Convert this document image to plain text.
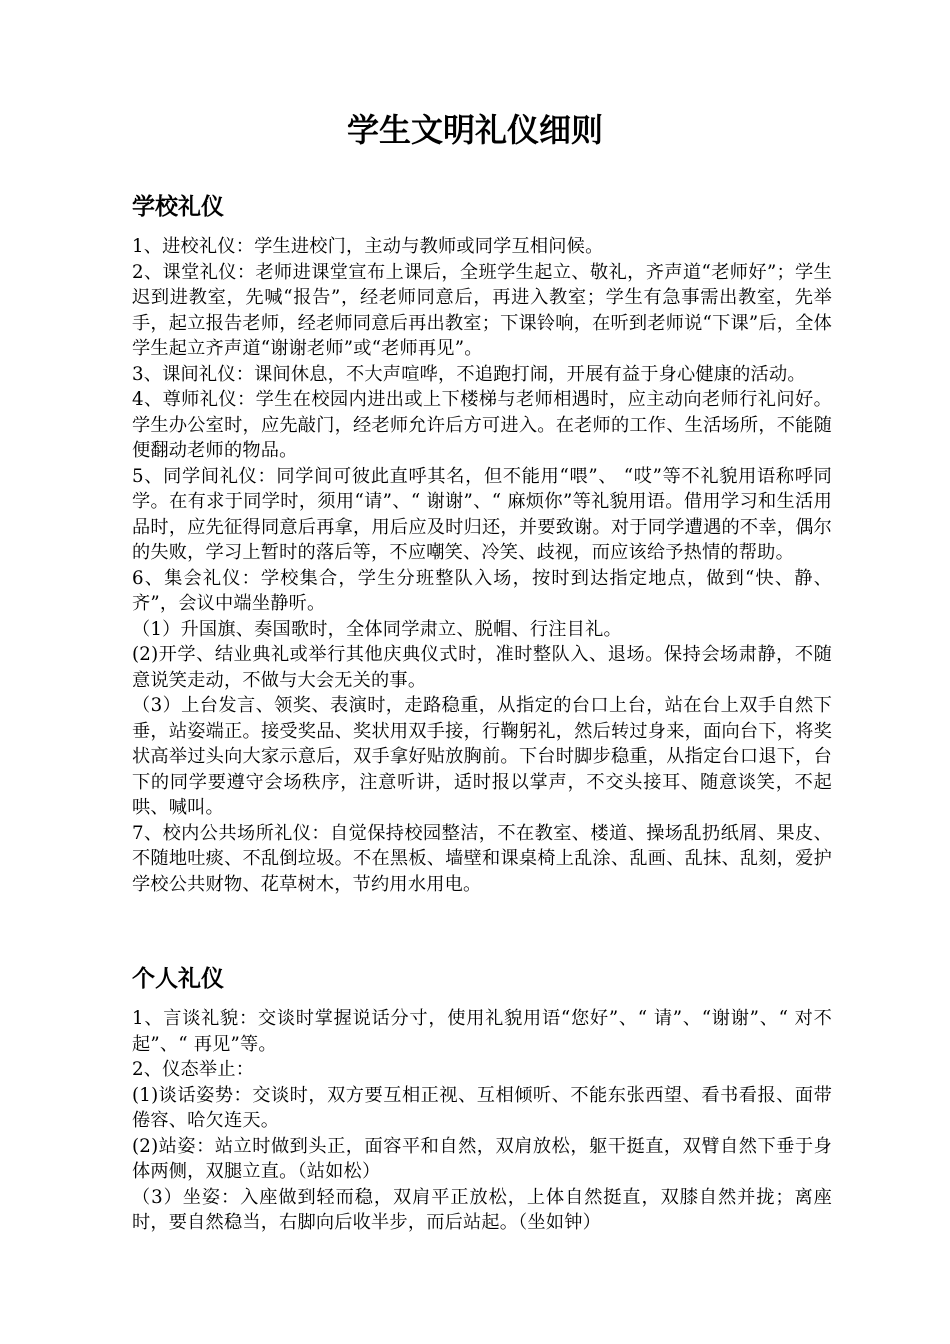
学生文明礼仪细则
学校礼仪

1、进校礼仪：学生进校门，主动与教师或同学互相问候。

2、课堂礼仪：老师进课堂宣布上课后，全班学生起立、敬礼，齐声道“老师好”；学生迟到进教室，先喊“报告”，经老师同意后，再进入教室；学生有急事需出教室，先举手，起立报告老师，经老师同意后再出教室；下课铃响，在听到老师说“下课”后，全体学生起立齐声道“谢谢老师”或“老师再见”。

3、课间礼仪：课间休息，不大声喧哗，不追跑打闹，开展有益于身心健康的活动。

4、尊师礼仪：学生在校园内进出或上下楼梯与老师相遇时，应主动向老师行礼问好。学生办公室时，应先敲门，经老师允许后方可进入。在老师的工作、生活场所，不能随便翻动老师的物品。

5、同学间礼仪：同学间可彼此直呼其名，但不能用“喂”、 “哎”等不礼貌用语称呼同学。在有求于同学时，须用“请”、“ 谢谢”、“ 麻烦你”等礼貌用语。借用学习和生活用品时，应先征得同意后再拿，用后应及时归还，并要致谢。对于同学遭遇的不幸，偶尔的失败，学习上暂时的落后等，不应嘲笑、冷笑、歧视，而应该给予热情的帮助。

6、集会礼仪：学校集合，学生分班整队入场，按时到达指定地点，做到“快、静、齐”，会议中端坐静听。

（1）升国旗、奏国歌时，全体同学肃立、脱帽、行注目礼。

(2)开学、结业典礼或举行其他庆典仪式时，准时整队入、退场。保持会场肃静，不随意说笑走动，不做与大会无关的事。

（3）上台发言、领奖、表演时，走路稳重，从指定的台口上台，站在台上双手自然下垂，站姿端正。接受奖品、奖状用双手接，行鞠躬礼，然后转过身来，面向台下，将奖状高举过头向大家示意后，双手拿好贴放胸前。下台时脚步稳重，从指定台口退下，台下的同学要遵守会场秩序，注意听讲，适时报以掌声，不交头接耳、随意谈笑，不起哄、喊叫。

7、校内公共场所礼仪：自觉保持校园整洁，不在教室、楼道、操场乱扔纸屑、果皮、不随地吐痰、不乱倒垃圾。不在黑板、墙壁和课桌椅上乱涂、乱画、乱抹、乱刻，爱护学校公共财物、花草树木，节约用水用电。

个人礼仪

1、言谈礼貌：交谈时掌握说话分寸，使用礼貌用语“您好”、“ 请”、“谢谢”、“ 对不起”、“ 再见”等。

2、仪态举止：

(1)谈话姿势：交谈时，双方要互相正视、互相倾听、不能东张西望、看书看报、面带倦容、哈欠连天。

(2)站姿：站立时做到头正，面容平和自然，双肩放松，躯干挺直，双臂自然下垂于身体两侧，双腿立直。（站如松）

（3）坐姿：入座做到轻而稳，双肩平正放松，上体自然挺直，双膝自然并拢；离座时，要自然稳当，右脚向后收半步，而后站起。（坐如钟）
